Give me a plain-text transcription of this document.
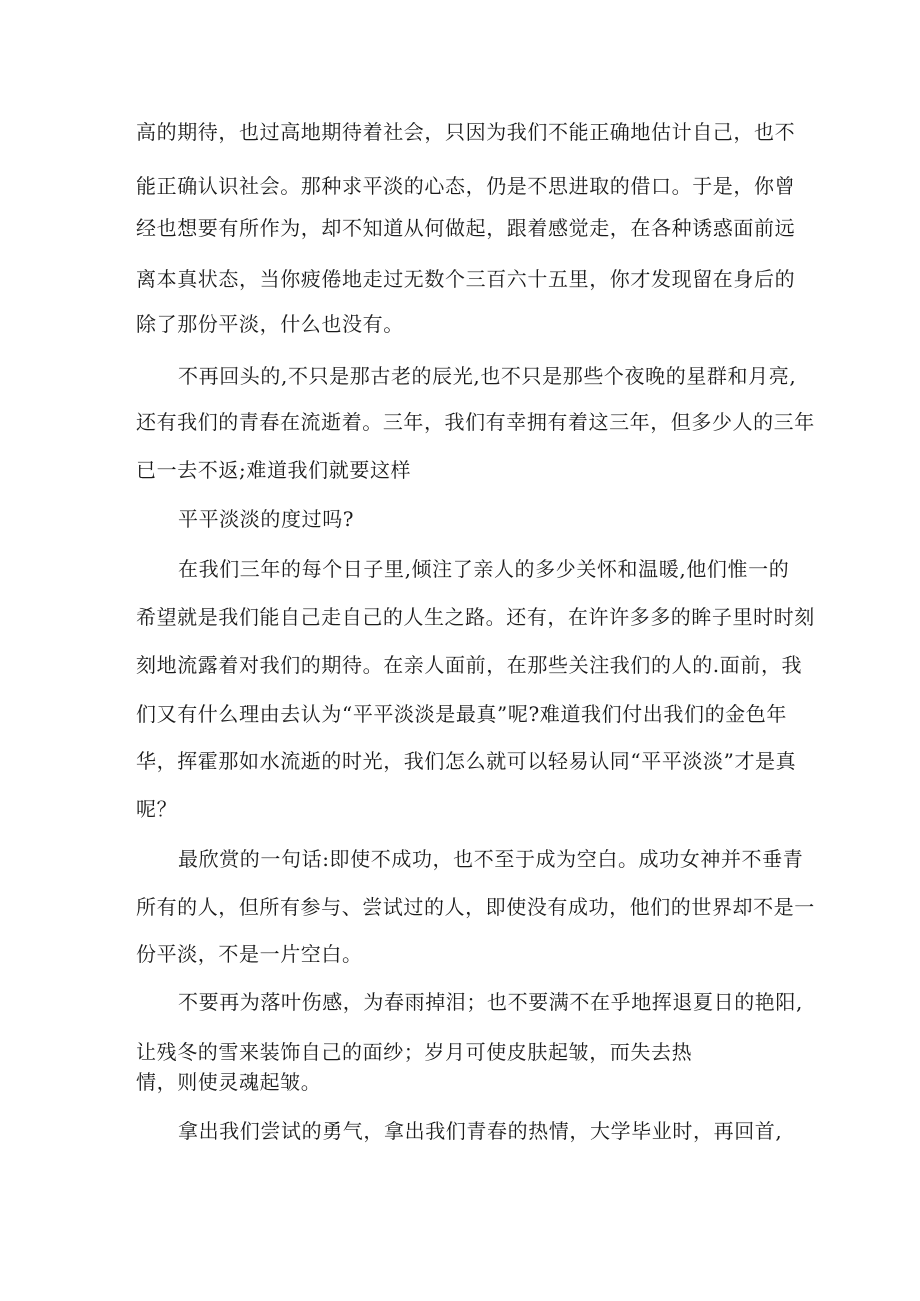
高的期待，也过高地期待着社会，只因为我们不能正确地估计自己，也不
能正确认识社会。那种求平淡的心态，仍是不思进取的借口。于是，你曾
经也想要有所作为，却不知道从何做起，跟着感觉走，在各种诱惑面前远
离本真状态，当你疲倦地走过无数个三百六十五里，你才发现留在身后的
除了那份平淡，什么也没有。
不再回头的,不只是那古老的辰光,也不只是那些个夜晚的星群和月亮,
还有我们的青春在流逝着。三年，我们有幸拥有着这三年，但多少人的三年
已一去不返;难道我们就要这样
平平淡淡的度过吗?
在我们三年的每个日子里,倾注了亲人的多少关怀和温暖,他们惟一的
希望就是我们能自己走自己的人生之路。还有，在许许多多的眸子里时时刻
刻地流露着对我们的期待。在亲人面前，在那些关注我们的人的.面前，我
们又有什么理由去认为“平平淡淡是最真”呢?难道我们付出我们的金色年
华，挥霍那如水流逝的时光，我们怎么就可以轻易认同“平平淡淡”才是真
呢？
最欣赏的一句话:即使不成功，也不至于成为空白。成功女神并不垂青
所有的人，但所有参与、尝试过的人，即使没有成功，他们的世界却不是一
份平淡，不是一片空白。
不要再为落叶伤感，为春雨掉泪；也不要满不在乎地挥退夏日的艳阳,
让残冬的雪来装饰自己的面纱；岁月可使皮肤起皱，而失去热
情，则使灵魂起皱。
拿出我们尝试的勇气，拿出我们青春的热情，大学毕业时，再回首,
